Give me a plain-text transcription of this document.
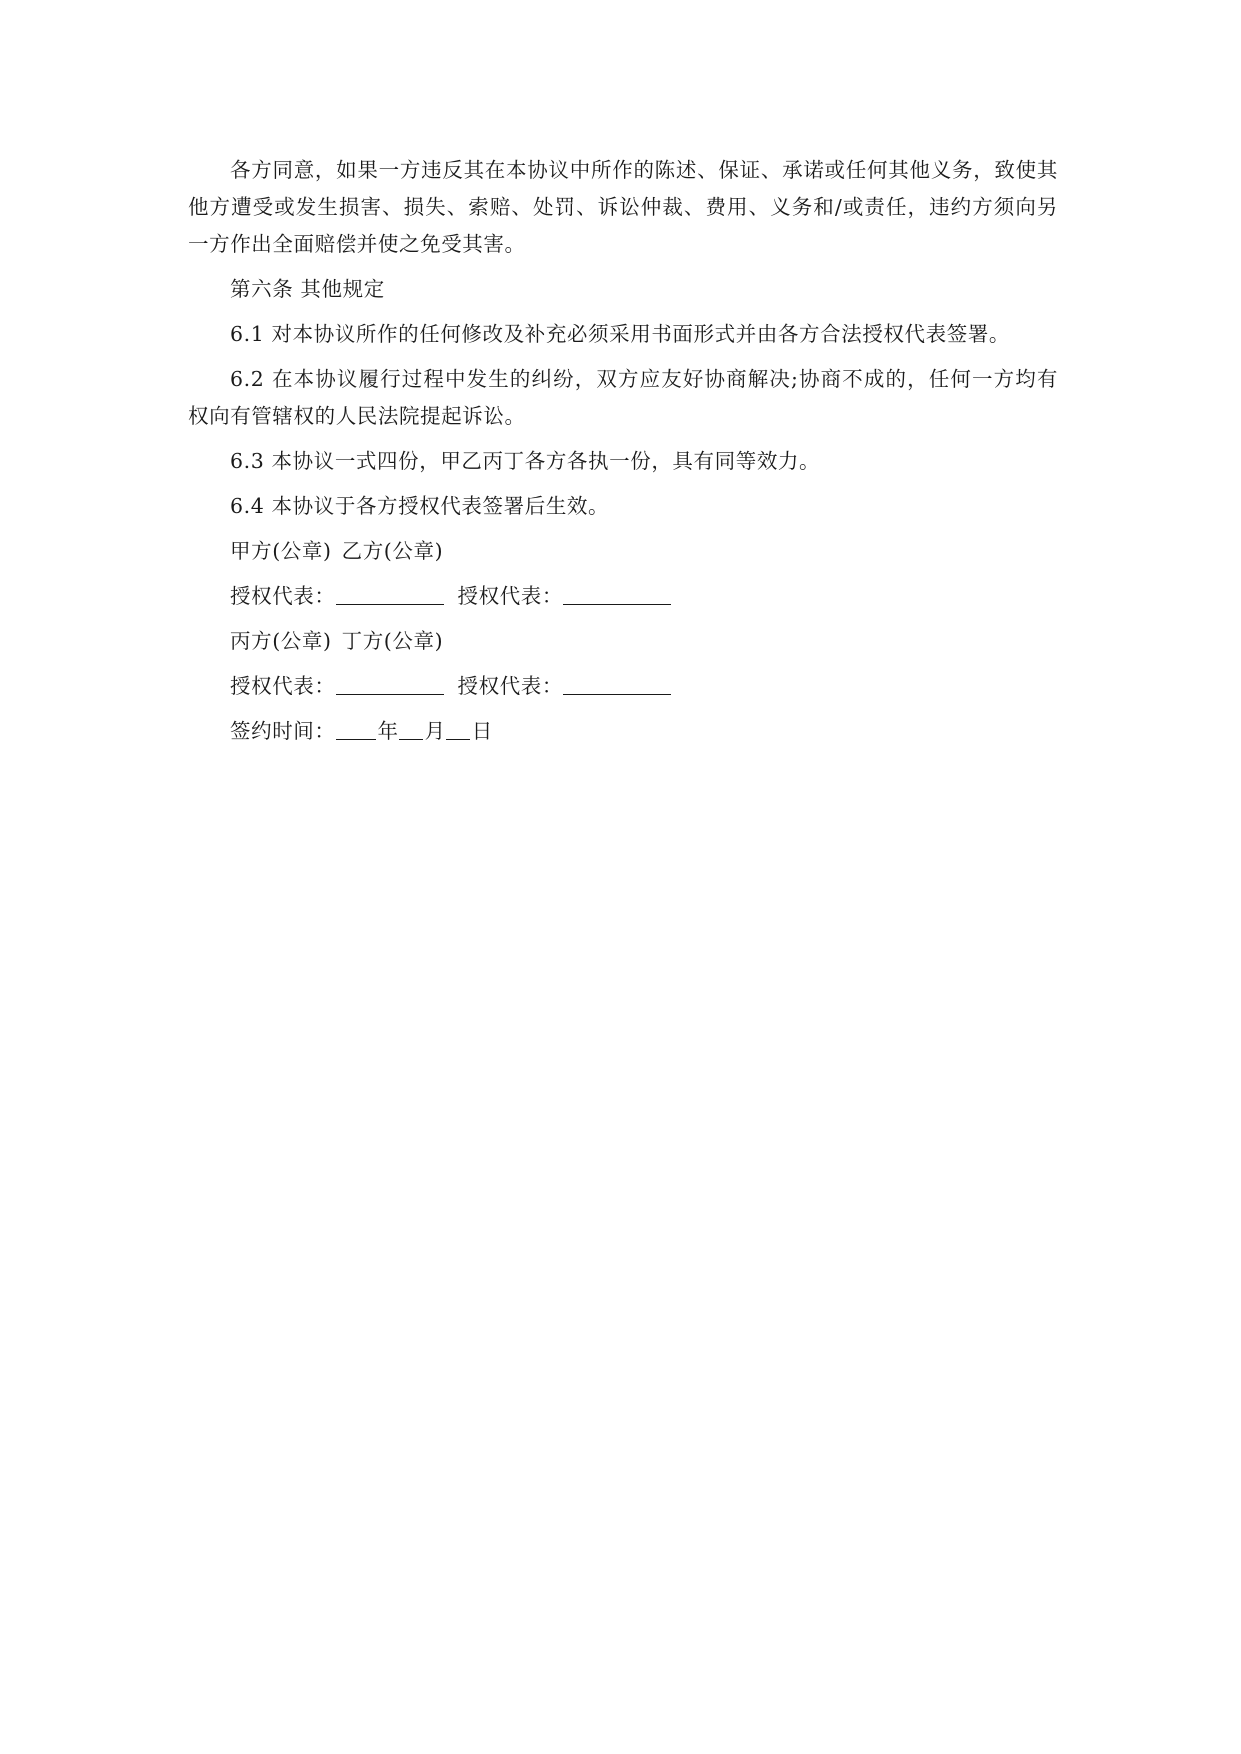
各方同意，如果一方违反其在本协议中所作的陈述、保证、承诺或任何其他义务，致使其他方遭受或发生损害、损失、索赔、处罚、诉讼仲裁、费用、义务和/或责任，违约方须向另一方作出全面赔偿并使之免受其害。

第六条 其他规定

6.1 对本协议所作的任何修改及补充必须采用书面形式并由各方合法授权代表签署。

6.2 在本协议履行过程中发生的纠纷，双方应友好协商解决;协商不成的，任何一方均有权向有管辖权的人民法院提起诉讼。

6.3 本协议一式四份，甲乙丙丁各方各执一份，具有同等效力。

6.4 本协议于各方授权代表签署后生效。

甲方(公章) 乙方(公章)

授权代表：	授权代表：

丙方(公章) 丁方(公章)

授权代表：	授权代表：

签约时间： 年 月 日
